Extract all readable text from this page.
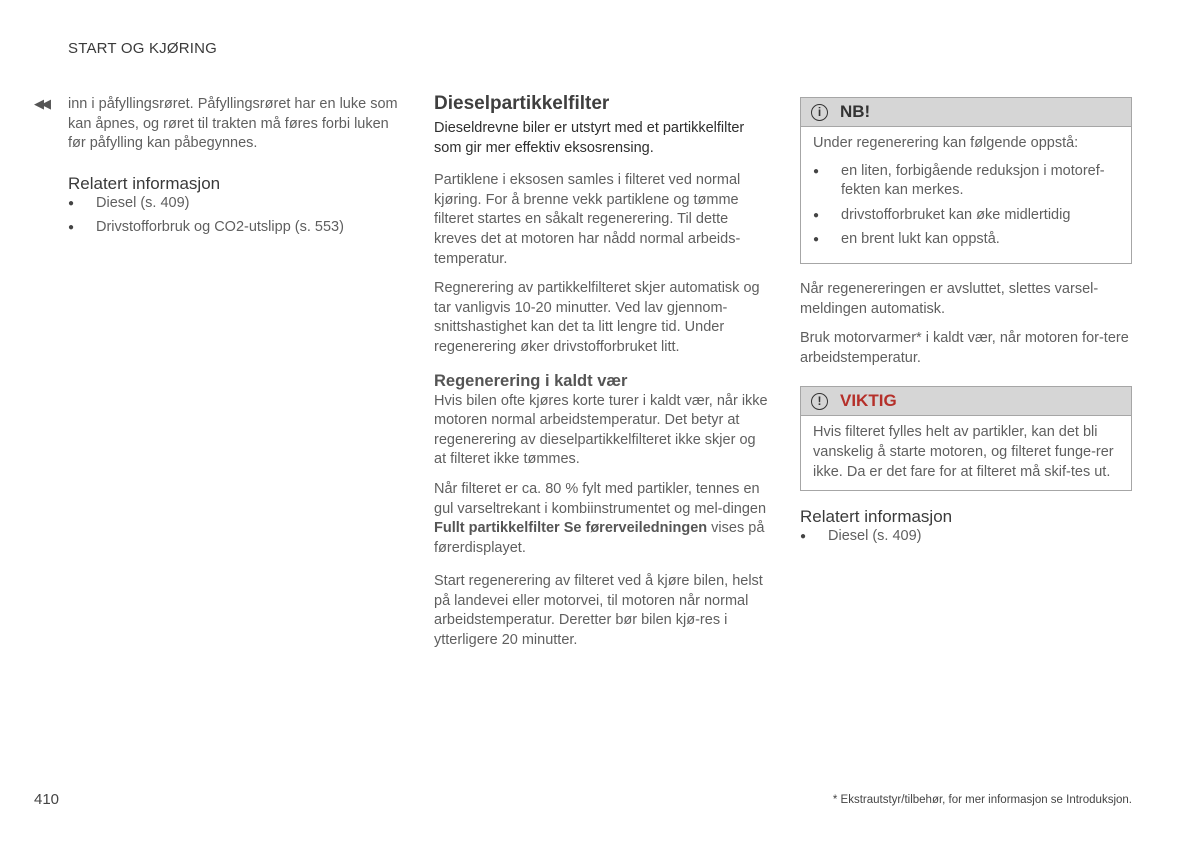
START OG KJØRING
◀◀ inn i påfyllingsrøret. Påfyllingsrøret har en luke som kan åpnes, og røret til trakten må føres forbi luken før påfylling kan påbegynnes.

Relatert informasjon
● Diesel (s. 409)
● Drivstofforbruk og CO2-utslipp (s. 553)
Dieselpartikkelfilter

Dieseldrevne biler er utstyrt med et partikkelfilter som gir mer effektiv eksosrensing.

Partiklene i eksosen samles i filteret ved normal kjøring. For å brenne vekk partiklene og tømme filteret startes en såkalt regenerering. Til dette kreves det at motoren har nådd normal arbeids-temperatur.

Regnerering av partikkelfilteret skjer automatisk og tar vanligvis 10-20 minutter. Ved lav gjennom-snittshastighet kan det ta litt lengre tid. Under regenerering øker drivstofforbruket litt.

Regenerering i kaldt vær

Hvis bilen ofte kjøres korte turer i kaldt vær, når ikke motoren normal arbeidstemperatur. Det betyr at regenerering av dieselpartikkelfilteret ikke skjer og at filteret ikke tømmes.

Når filteret er ca. 80 % fylt med partikler, tennes en gul varseltrekant i kombiinstrumentet og mel-dingen Fullt partikkelfilter Se førerveiledningen vises på førerdisplayet.

Start regenerering av filteret ved å kjøre bilen, helst på landevei eller motorvei, til motoren når normal arbeidstemperatur. Deretter bør bilen kjø-res i ytterligere 20 minutter.

i	NB!

Under regenerering kan følgende oppstå:

● en liten, forbigående reduksjon i motoref-fekten kan merkes.
● drivstofforbruket kan øke midlertidig
● en brent lukt kan oppstå.

Når regenereringen er avsluttet, slettes varsel-meldingen automatisk.

Bruk motorvarmer* i kaldt vær, når motoren for-tere arbeidstemperatur.

!	VIKTIG

Hvis filteret fylles helt av partikler, kan det bli vanskelig å starte motoren, og filteret funge-rer ikke. Da er det fare for at filteret må skif-tes ut.

Relatert informasjon
● Diesel (s. 409)
410	* Ekstrautstyr/tilbehør, for mer informasjon se Introduksjon.
